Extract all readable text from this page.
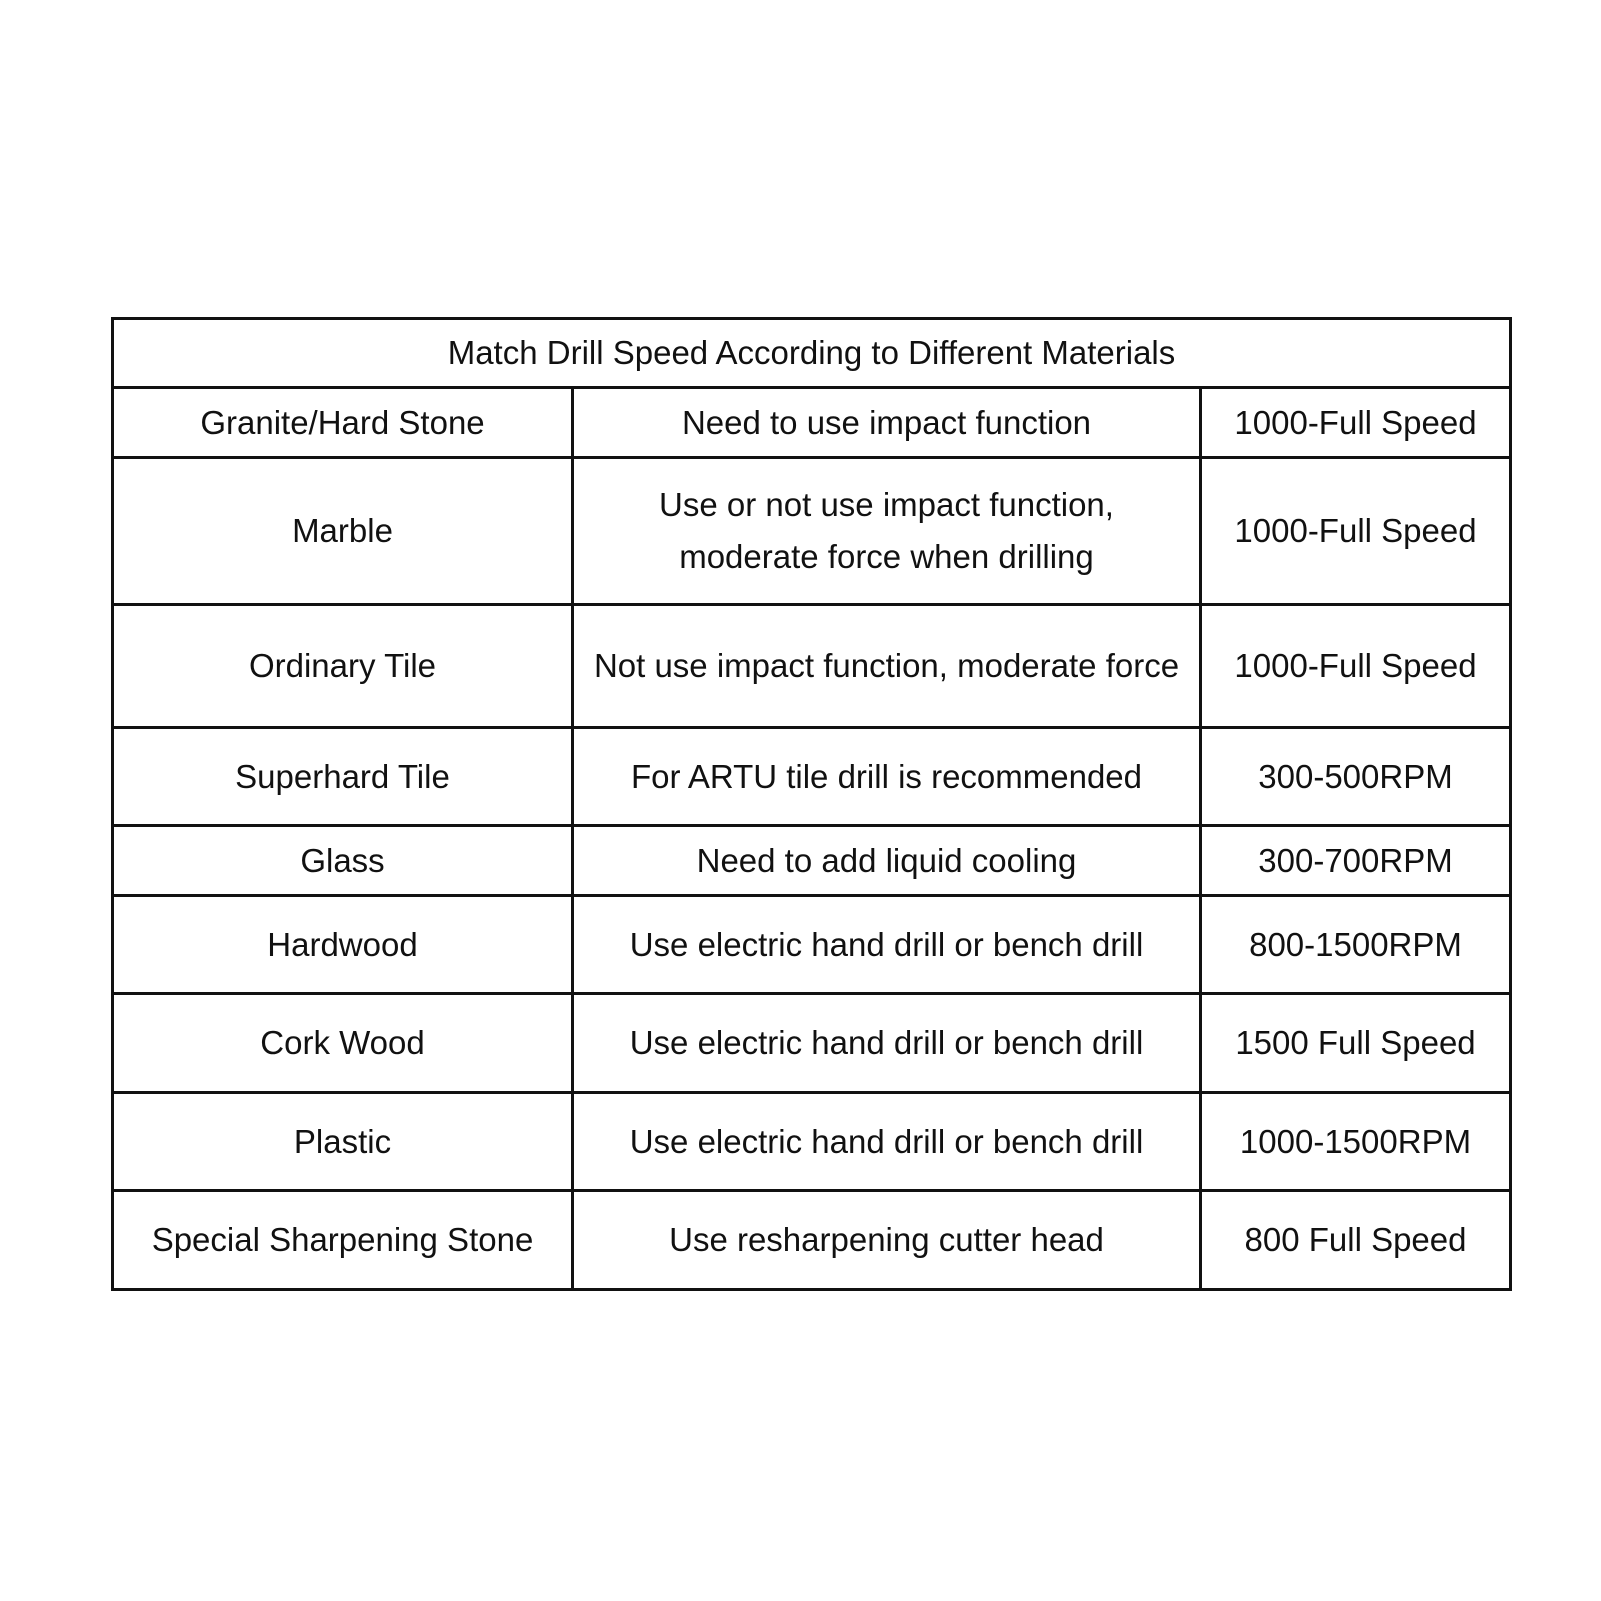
Match Drill Speed According to Different Materials		
Granite/Hard Stone	Need to use impact function	1000-Full Speed
Marble	Use or not use impact function, moderate force when drilling	1000-Full Speed
Ordinary Tile	Not use impact function, moderate force	1000-Full Speed
Superhard Tile	For ARTU tile drill is recommended	300-500RPM
Glass	Need to add liquid cooling	300-700RPM
Hardwood	Use electric hand drill or bench drill	800-1500RPM
Cork Wood	Use electric hand drill or bench drill	1500 Full Speed
Plastic	Use electric hand drill or bench drill	1000-1500RPM
Special Sharpening Stone	Use resharpening cutter head	800 Full Speed
